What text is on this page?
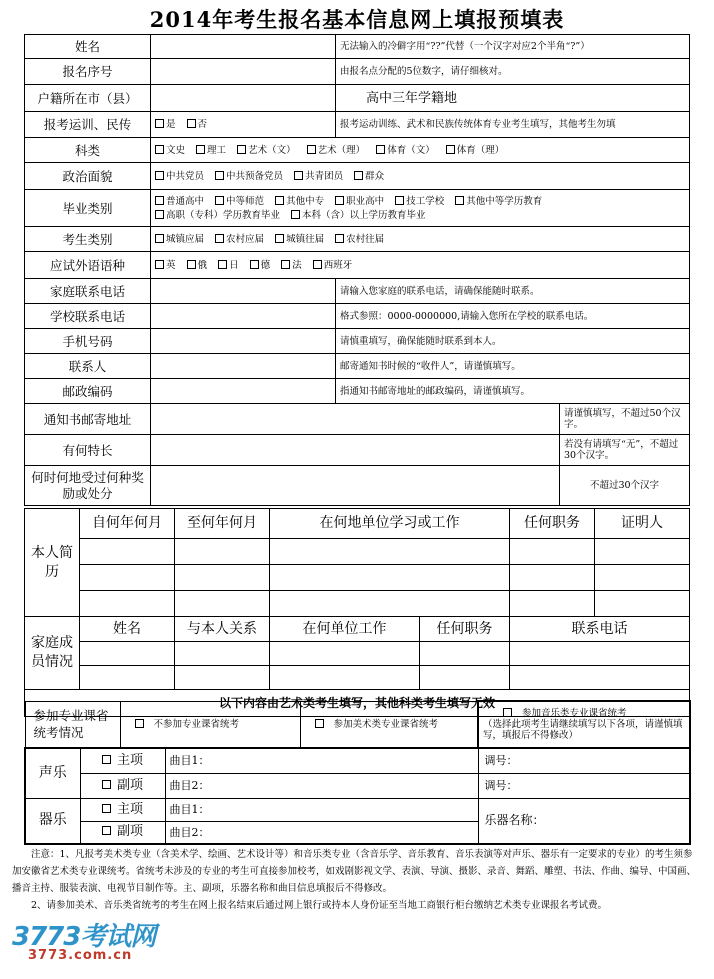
2014年考生报名基本信息网上填报预填表
姓名		无法输入的冷僻字用“??”代替（一个汉字对应2个半角“?”）	
报名序号		由报名点分配的5位数字，请仔细核对。	
户籍所在市（县）		高中三年学籍地	
报考运训、民传	是 否	报考运动训练、武术和民族传统体育专业考生填写，其他考生勿填	
科类	文史 理工 艺术（文） 艺术（理） 体育（文） 体育（理）		
政治面貌	中共党员 中共预备党员 共青团员 群众		
毕业类别	普通高中 中等师范 其他中专 职业高中 技工学校 其他中等学历教育
高职（专科）学历教育毕业 本科（含）以上学历教育毕业		

考生类别	城镇应届 农村应届 城镇往届 农村往届		
应试外语语种	英 俄 日 德 法 西班牙		
家庭联系电话		请输入您家庭的联系电话，请确保能随时联系。	
学校联系电话		格式参照：0000-0000000,请输入您所在学校的联系电话。	
手机号码		请慎重填写，确保能随时联系到本人。	
联系人		邮寄通知书时候的“收件人”，请谨慎填写。	
邮政编码		指通知书邮寄地址的邮政编码，请谨慎填写。	
通知书邮寄地址			请谨慎填写，不超过50个汉字。
有何特长			若没有请填写“无”，不超过30个汉字。
何时何地受过何种奖励或处分			不超过30个汉字
本人简历	自何年何月	至何年何月	在何地单位学习或工作		任何职务	证明人

家庭成员情况	姓名	与本人关系	在何单位工作	任何职务	联系电话	

以下内容由艺术类考生填写，其他科类考生填写无效						
参加专业课省统考情况		不参加专业课省统考		参加美术类专业课省统考	参加音乐类专业课省统考
（选择此项考生请继续填写以下各项，请谨慎填写，填报后不得修改）

声乐	主项		曲目1：		调号：
	副项		曲目2：		调号：
器乐	主项		曲目1：		乐器名称：
	副项		曲目2：		

注意：1、凡报考美术类专业（含美术学、绘画、艺术设计等）和音乐类专业（含音乐学、音乐教育、音乐表演等对声乐、器乐有一定要求的专业）的考生须参加安徽省艺术类专业课统考。省统考未涉及的专业的考生可直接参加校考，如戏剧影视文学、表演、导演、摄影、录音、舞蹈、雕塑、书法、作曲、编导、中国画、播音主持、服装表演、电视节目制作等。主、副项，乐器名称和曲目信息填报后不得修改。

2、请参加美术、音乐类省统考的考生在网上报名结束后通过网上银行或持本人身份证至当地工商银行柜台缴纳艺术类专业课报名考试费。

3773考试网
3773.com.cn
